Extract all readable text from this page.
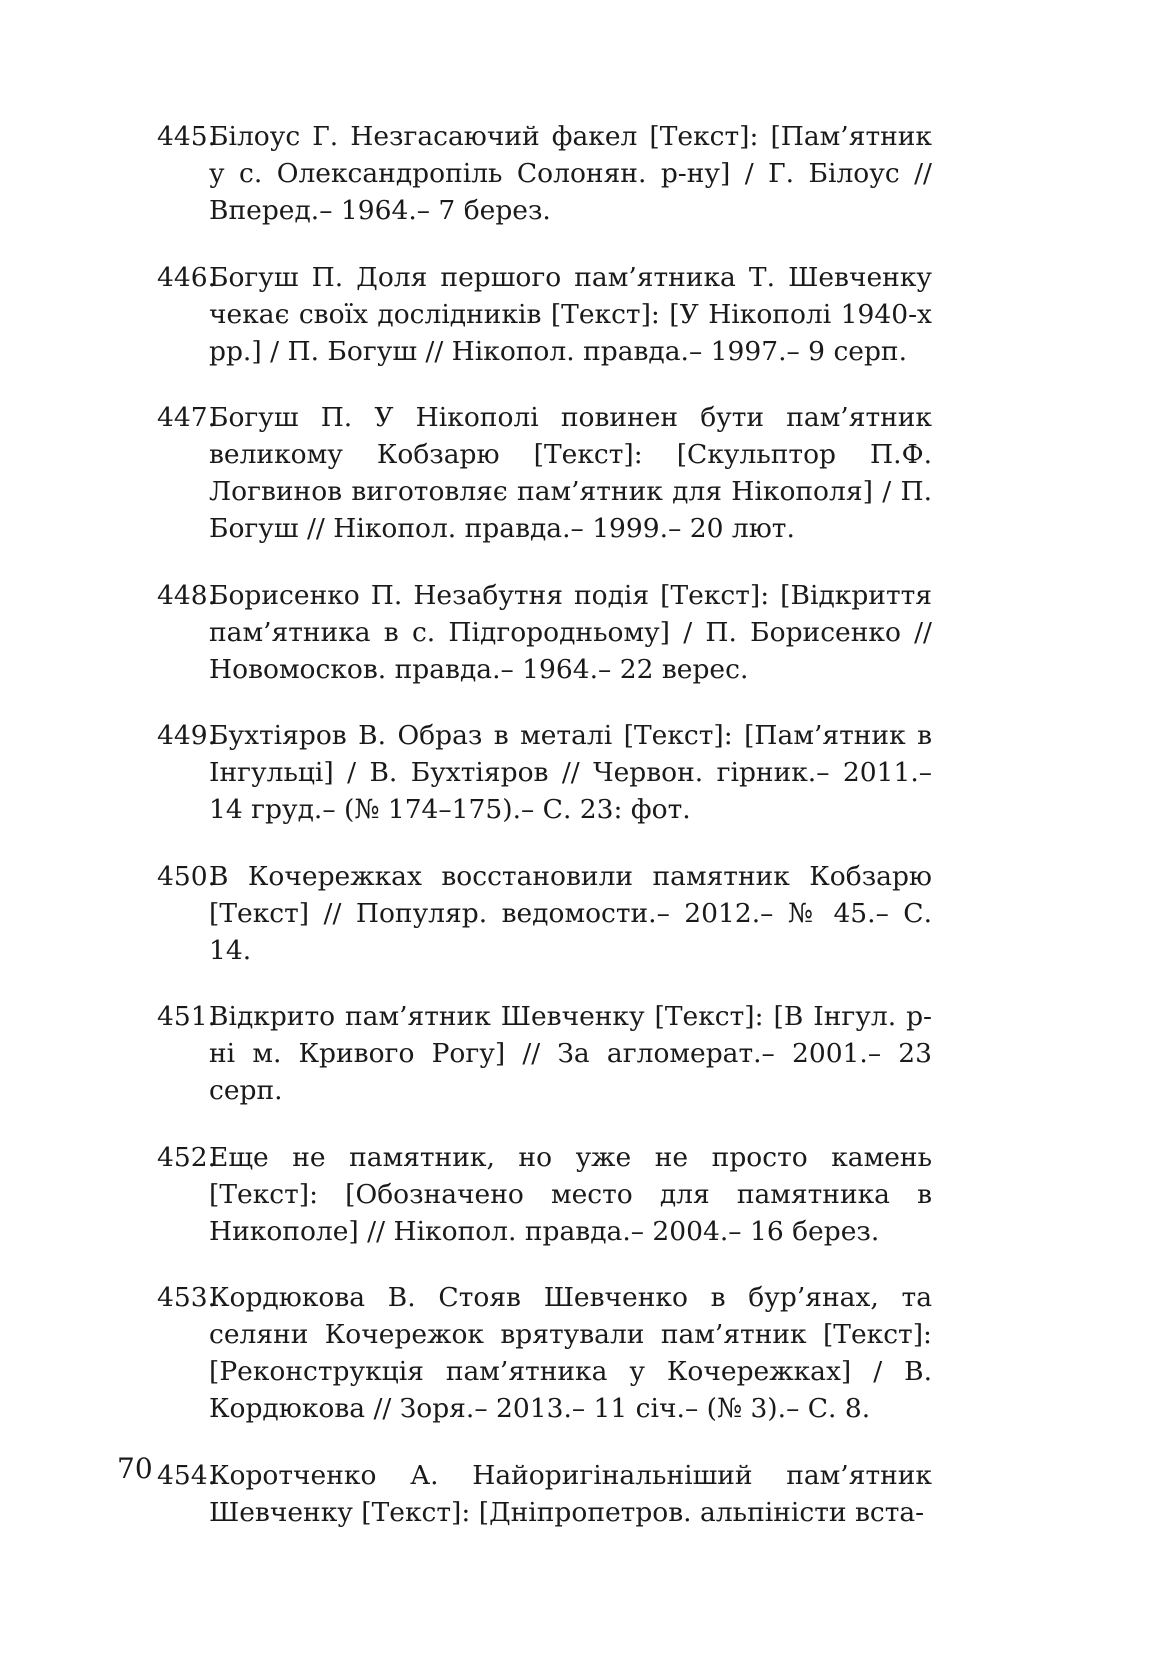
445.
Білоус Г. Незгасаючий факел [Текст]: [Пам’ятник у с. Олександропіль Солонян. р-ну] / Г. Білоус // Вперед.– 1964.– 7 берез.
446.
Богуш П. Доля першого пам’ятника Т. Шевченку чекає своїх дослідників [Текст]: [У Нікополі 1940-х рр.] / П. Богуш // Нікопол. правда.– 1997.– 9 серп.
447.
Богуш П. У Нікополі повинен бути пам’ятник великому Кобзарю [Текст]: [Скульптор П.Ф. Логвинов виготовляє пам’ятник для Нікополя] / П. Богуш // Нікопол. правда.– 1999.– 20 лют.
448.
Борисенко П. Незабутня подія [Текст]: [Відкриття пам’ятника в с. Підгородньому] / П. Борисенко // Новомосков. правда.– 1964.– 22 верес.
449.
Бухтіяров В. Образ в металі [Текст]: [Пам’ятник в Інгульці] / В. Бухтіяров // Червон. гірник.– 2011.– 14 груд.– (№ 174–175).– С. 23: фот.
450.
В Кочережках восстановили памятник Кобзарю [Текст] // Популяр. ведомости.– 2012.– № 45.– С. 14.
451.
Відкрито пам’ятник Шевченку [Текст]: [В Інгул. р-ні м. Кривого Рогу] // За агломерат.– 2001.– 23 серп.
452.
Еще не памятник, но уже не просто камень [Текст]: [Обозначено место для памятника в Никополе] // Нікопол. правда.– 2004.– 16 берез.
453.
Кордюкова В. Стояв Шевченко в бур’янах, та селяни Кочережок врятували пам’ятник [Текст]: [Реконструкція пам’ятника у Кочережках] / В. Кордюкова // Зоря.– 2013.– 11 січ.– (№ 3).– С. 8.
454.
Коротченко А. Найоригінальніший пам’ятник Шевченку [Текст]: [Дніпропетров. альпіністи вста-
70
